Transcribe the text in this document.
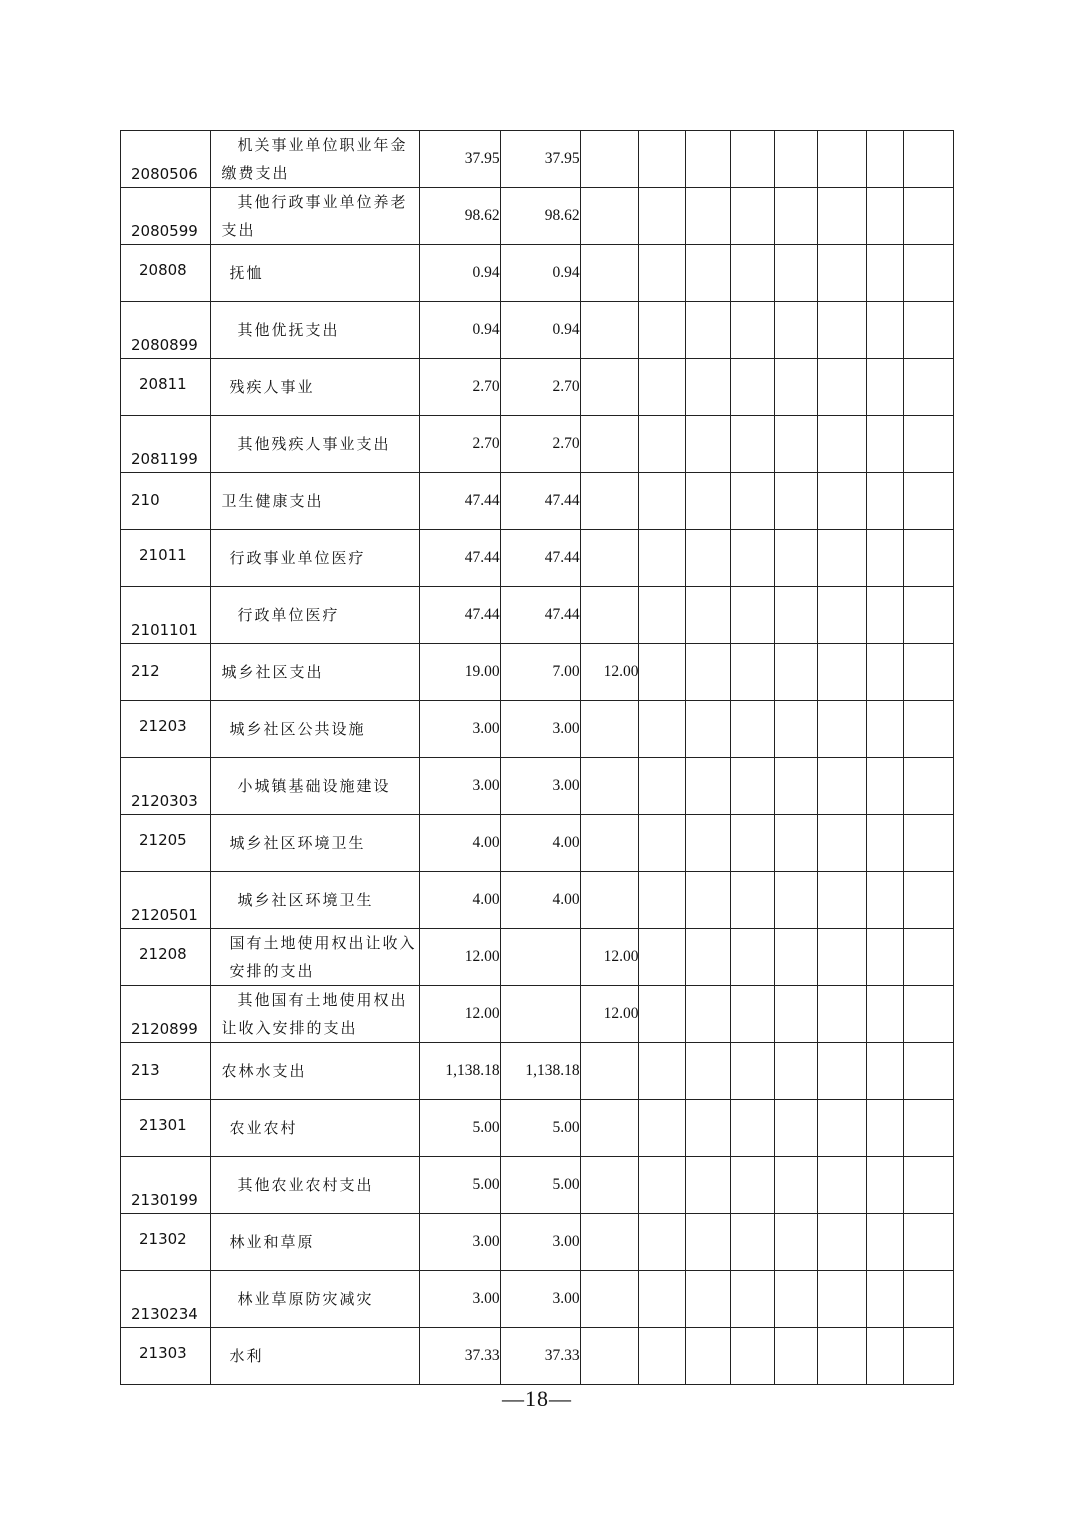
2080506	机关事业单位职业年金缴费支出	37.95	37.95								

2080599	其他行政事业单位养老支出	98.62	98.62								

20808	抚恤	0.94	0.94								

2080899	其他优抚支出	0.94	0.94								

20811	残疾人事业	2.70	2.70								

2081199	其他残疾人事业支出	2.70	2.70								

210	卫生健康支出	47.44	47.44								

21011	行政事业单位医疗	47.44	47.44								

2101101	行政单位医疗	47.44	47.44								

212	城乡社区支出	19.00	7.00	12.00							

21203	城乡社区公共设施	3.00	3.00								

2120303	小城镇基础设施建设	3.00	3.00								

21205	城乡社区环境卫生	4.00	4.00								

2120501	城乡社区环境卫生	4.00	4.00								

21208	国有土地使用权出让收入安排的支出	12.00		12.00							

2120899	其他国有土地使用权出让收入安排的支出	12.00		12.00							

213	农林水支出	1,138.18	1,138.18								

21301	农业农村	5.00	5.00								

2130199	其他农业农村支出	5.00	5.00								

21302	林业和草原	3.00	3.00								

2130234	林业草原防灾减灾	3.00	3.00								

21303	水利	37.33	37.33								
—18—
